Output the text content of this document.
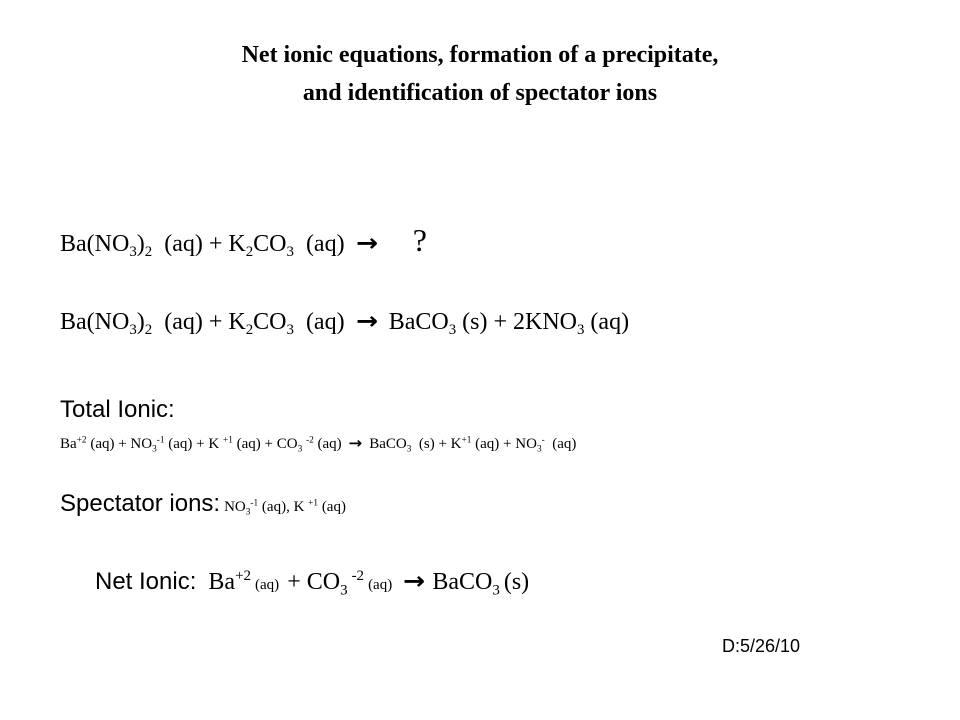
Net ionic equations, formation of a precipitate,
and identification of spectator ions
$Ba(NO_3)_2$ $(aq) + K_2CO_3$ (aq) → ?
$Ba(NO_3)_2$ $(aq) + K_2CO_3$ (aq) → BaCO$_3$ $(s) + 2KNO_3$ (aq)
Total Ionic:
$Ba^{+2}$ $(aq) + NO_3^{-1}$ (aq) + K $^{+1}$ $(aq) + CO_3$ $^{-2}$ (aq) → BaCO$_3$ $(s) + K^{+1}$ $(aq) + NO_3^-$ (aq)
Spectator ions: $NO_3^{-1}$ (aq), K $^{+1}$ (aq)
Net Ionic: $Ba^{+2}$ $(aq) + CO_3$ $^{-2}$ (aq) → BaCO$_3$ (s)
D:5/26/10
